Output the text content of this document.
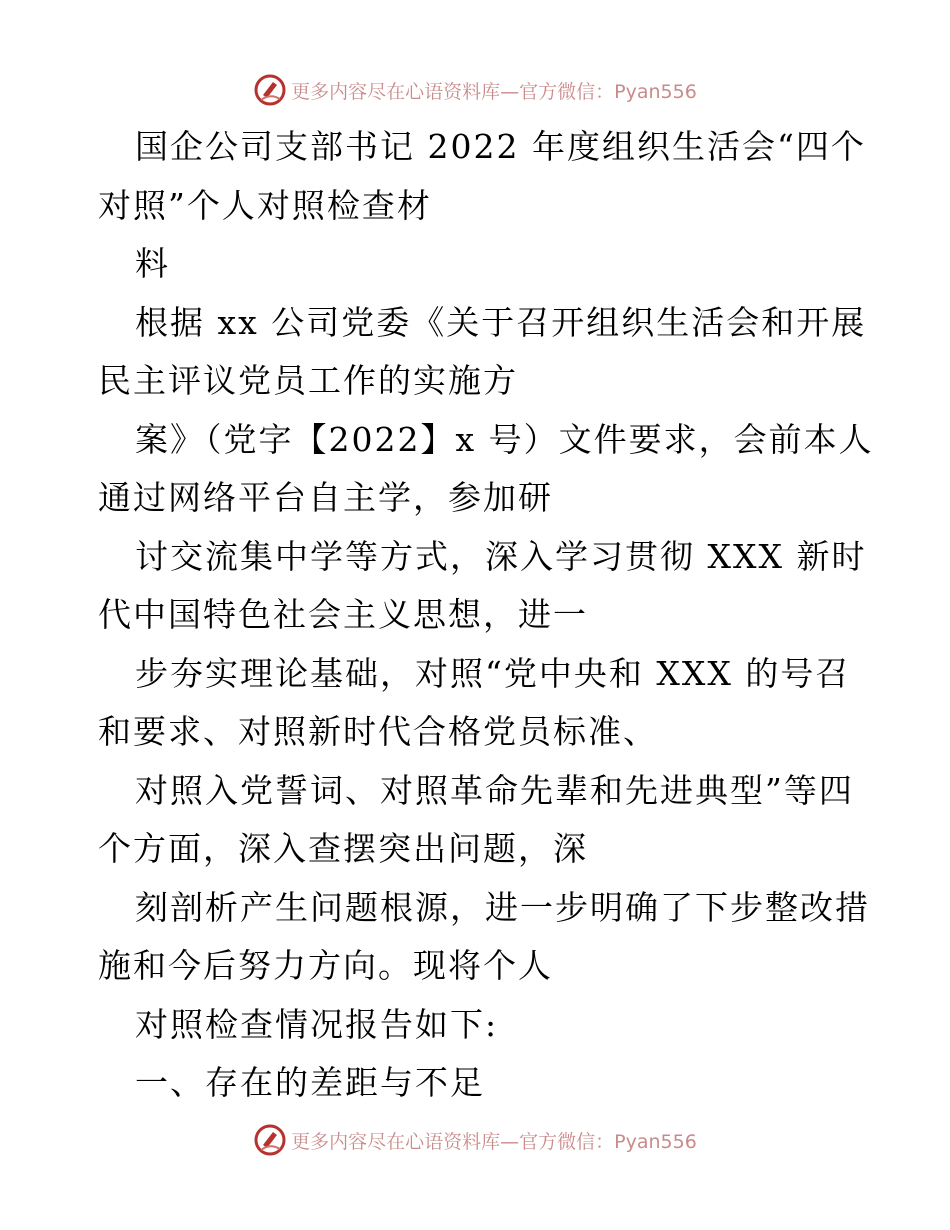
更多内容尽在心语资料库—官方微信：Pyan556
国企公司支部书记 2022 年度组织生活会“四个
对照”个人对照检查材
料
根据 xx 公司党委《关于召开组织生活会和开展
民主评议党员工作的实施方
案》（党字【2022】x 号）文件要求，会前本人
通过网络平台自主学，参加研
讨交流集中学等方式，深入学习贯彻 XXX 新时
代中国特色社会主义思想，进一
步夯实理论基础，对照“党中央和 XXX 的号召
和要求、对照新时代合格党员标准、
对照入党誓词、对照革命先辈和先进典型”等四
个方面，深入查摆突出问题，深
刻剖析产生问题根源，进一步明确了下步整改措
施和今后努力方向。现将个人
对照检查情况报告如下:
一、存在的差距与不足
更多内容尽在心语资料库—官方微信：Pyan556
